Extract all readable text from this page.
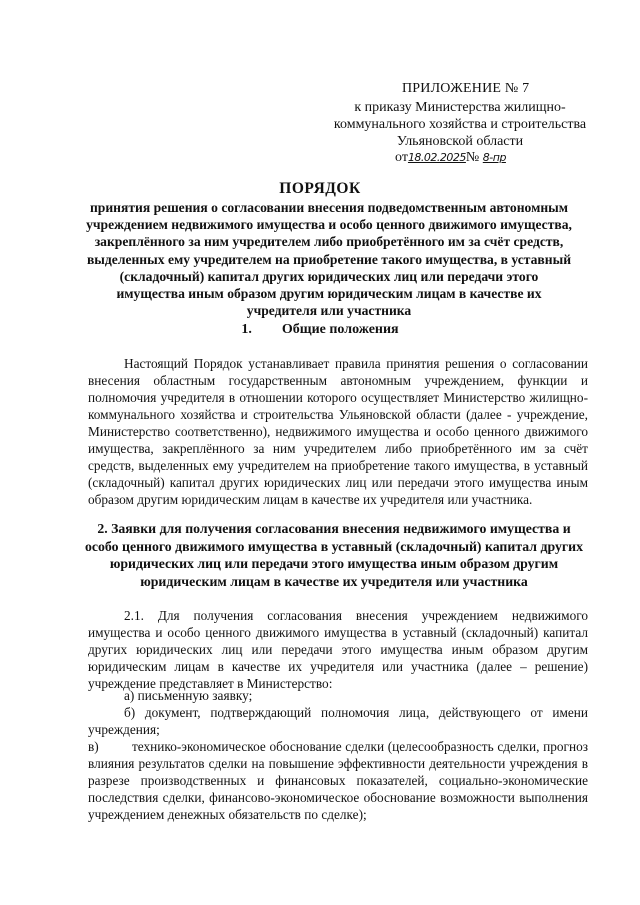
ПРИЛОЖЕНИЕ № 7
к приказу Министерства жилищно-
коммунального хозяйства и строительства
Ульяновской области
от18.02.2025№ 8-пр
ПОРЯДОК
принятия решения о согласовании внесения подведомственным автономным учреждением недвижимого имущества и особо ценного движимого имущества, закреплённого за ним учредителем либо приобретённого им за счёт средств, выделенных ему учредителем на приобретение такого имущества, в уставный (складочный) капитал других юридических лиц или передачи этого имущества иным образом другим юридическим лицам в качестве их учредителя или участника
1. Общие положения
Настоящий Порядок устанавливает правила принятия решения о согласовании внесения областным государственным автономным учреждением, функции и полномочия учредителя в отношении которого осуществляет Министерство жилищно-коммунального хозяйства и строительства Ульяновской области (далее - учреждение, Министерство соответственно), недвижимого имущества и особо ценного движимого имущества, закреплённого за ним учредителем либо приобретённого им за счёт средств, выделенных ему учредителем на приобретение такого имущества, в уставный (складочный) капитал других юридических лиц или передачи этого имущества иным образом другим юридическим лицам в качестве их учредителя или участника.
2. Заявки для получения согласования внесения недвижимого имущества и особо ценного движимого имущества в уставный (складочный) капитал других юридических лиц или передачи этого имущества иным образом другим юридическим лицам в качестве их учредителя или участника
2.1. Для получения согласования внесения учреждением недвижимого имущества и особо ценного движимого имущества в уставный (складочный) капитал других юридических лиц или передачи этого имущества иным образом другим юридическим лицам в качестве их учредителя или участника (далее – решение) учреждение представляет в Министерство:
а) письменную заявку;
б) документ, подтверждающий полномочия лица, действующего от имени учреждения;
в)	технико-экономическое обоснование сделки (целесообразность сделки, прогноз влияния результатов сделки на повышение эффективности деятельности учреждения в разрезе производственных и финансовых показателей, социально-экономические последствия сделки, финансово-экономическое обоснование возможности выполнения учреждением денежных обязательств по сделке);
